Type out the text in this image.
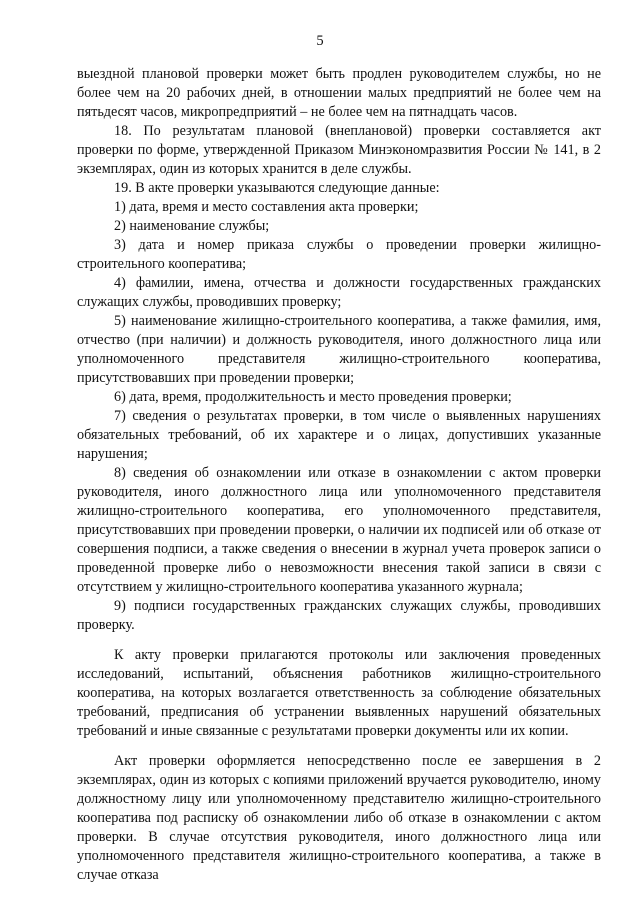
5

выездной плановой проверки может быть продлен руководителем службы, но не более чем на 20 рабочих дней, в отношении малых предприятий не более чем на пятьдесят часов, микропредприятий – не более чем на пятнадцать часов.

18. По результатам плановой (внеплановой) проверки составляется акт проверки по форме, утвержденной Приказом Минэкономразвития России № 141, в 2 экземплярах, один из которых хранится в деле службы.

19. В акте проверки указываются следующие данные:

1) дата, время и место составления акта проверки;

2) наименование службы;

3) дата и номер приказа службы о проведении проверки жилищно-строительного кооператива;

4) фамилии, имена, отчества и должности государственных гражданских служащих службы, проводивших проверку;

5) наименование жилищно-строительного кооператива, а также фамилия, имя, отчество (при наличии) и должность руководителя, иного должностного лица или уполномоченного представителя жилищно-строительного кооператива, присутствовавших при проведении проверки;

6) дата, время, продолжительность и место проведения проверки;

7) сведения о результатах проверки, в том числе о выявленных нарушениях обязательных требований, об их характере и о лицах, допустивших указанные нарушения;

8) сведения об ознакомлении или отказе в ознакомлении с актом проверки руководителя, иного должностного лица или уполномоченного представителя жилищно-строительного кооператива, его уполномоченного представителя, присутствовавших при проведении проверки, о наличии их подписей или об отказе от совершения подписи, а также сведения о внесении в журнал учета проверок записи о проведенной проверке либо о невозможности внесения такой записи в связи с отсутствием у жилищно-строительного кооператива указанного журнала;

9) подписи государственных гражданских служащих службы, проводивших проверку.

К акту проверки прилагаются протоколы или заключения проведенных исследований, испытаний, объяснения работников жилищно-строительного кооператива, на которых возлагается ответственность за соблюдение обязательных требований, предписания об устранении выявленных нарушений обязательных требований и иные связанные с результатами проверки документы или их копии.

Акт проверки оформляется непосредственно после ее завершения в 2 экземплярах, один из которых с копиями приложений вручается руководителю, иному должностному лицу или уполномоченному представителю жилищно-строительного кооператива под расписку об ознакомлении либо об отказе в ознакомлении с актом проверки. В случае отсутствия руководителя, иного должностного лица или уполномоченного представителя жилищно-строительного кооператива, а также в случае отказа
